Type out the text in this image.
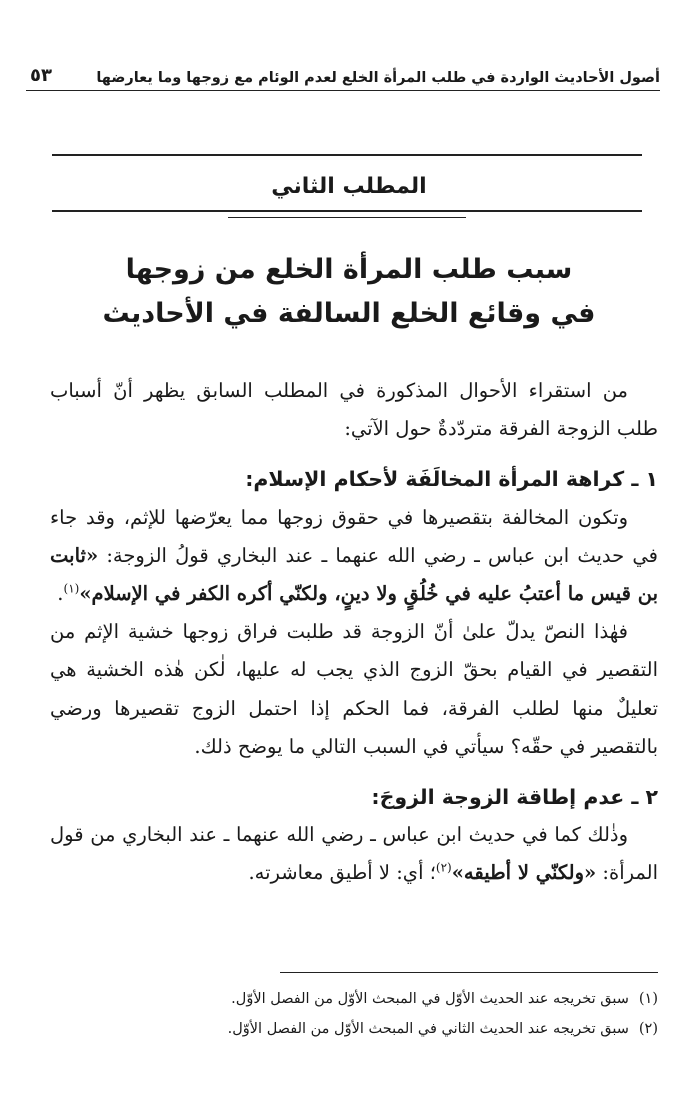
أصول الأحاديث الواردة في طلب المرأة الخلع لعدم الوئام مع زوجها وما يعارضها
٥٣
المطلب الثاني
سبب طلب المرأة الخلع من زوجها
في وقائع الخلع السالفة في الأحاديث

من استقراء الأحوال المذكورة في المطلب السابق يظهر أنّ أسباب طلب الزوجة الفرقة متردّدةٌ حول الآتي:

١ ـ كراهة المرأة المخالَفَة لأحكام الإسلام:

وتكون المخالفة بتقصيرها في حقوق زوجها مما يعرّضها للإثم، وقد جاء في حديث ابن عباس ـ رضي الله عنهما ـ عند البخاري قولُ الزوجة: «ثابت بن قيس ما أعتبُ عليه في خُلُقٍ ولا دينٍ، ولكنّي أكره الكفر في الإسلام»$^{(١)}$.

فهٰذا النصّ يدلّ علىٰ أنّ الزوجة قد طلبت فراق زوجها خشية الإثم من التقصير في القيام بحقّ الزوج الذي يجب له عليها، لٰكن هٰذه الخشية هي تعليلٌ منها لطلب الفرقة، فما الحكم إذا احتمل الزوج تقصيرها ورضي بالتقصير في حقّه؟ سيأتي في السبب التالي ما يوضح ذلك.

٢ ـ عدم إطاقة الزوجة الزوجَ:

وذٰلك كما في حديث ابن عباس ـ رضي الله عنهما ـ عند البخاري من قول المرأة: «ولكنّي لا أطيقه»$^{(٢)}$؛ أي: لا أطيق معاشرته.

(١)سبق تخريجه عند الحديث الأوّل في المبحث الأوّل من الفصل الأوّل.
(٢)سبق تخريجه عند الحديث الثاني في المبحث الأوّل من الفصل الأوّل.
